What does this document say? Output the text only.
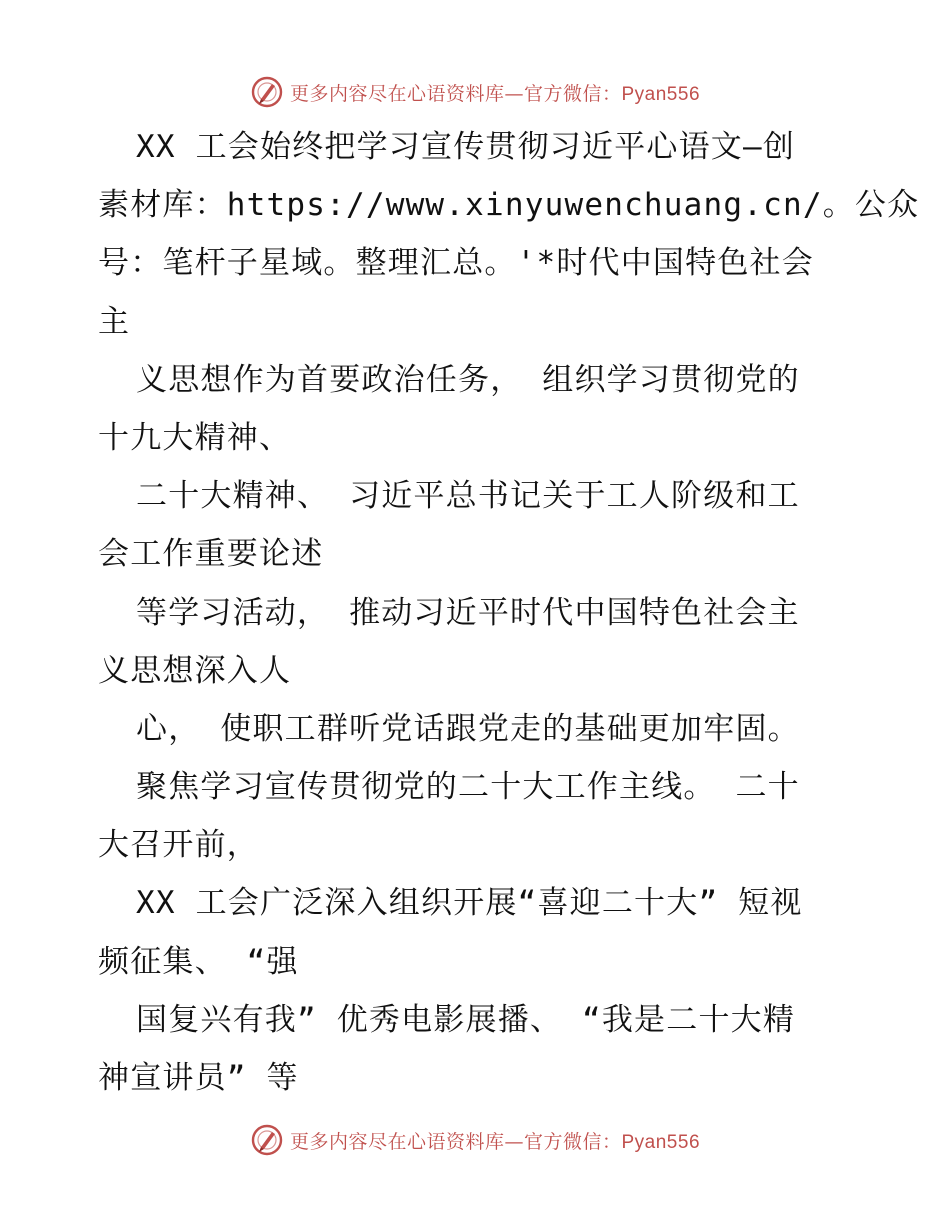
更多内容尽在心语资料库—官方微信：Pyan556
XX 工会始终把学习宣传贯彻习近平心语文—创
素材库：https://www.xinyuwenchuang.cn/。公众
号：笔杆子星域。整理汇总。'*时代中国特色社会
主
义思想作为首要政治任务， 组织学习贯彻党的
十九大精神、
二十大精神、 习近平总书记关于工人阶级和工
会工作重要论述
等学习活动， 推动习近平时代中国特色社会主
义思想深入人
心， 使职工群听党话跟党走的基础更加牢固。
聚焦学习宣传贯彻党的二十大工作主线。 二十
大召开前，
XX 工会广泛深入组织开展“喜迎二十大” 短视
频征集、 “强
国复兴有我” 优秀电影展播、 “我是二十大精
神宣讲员” 等
更多内容尽在心语资料库—官方微信：Pyan556
